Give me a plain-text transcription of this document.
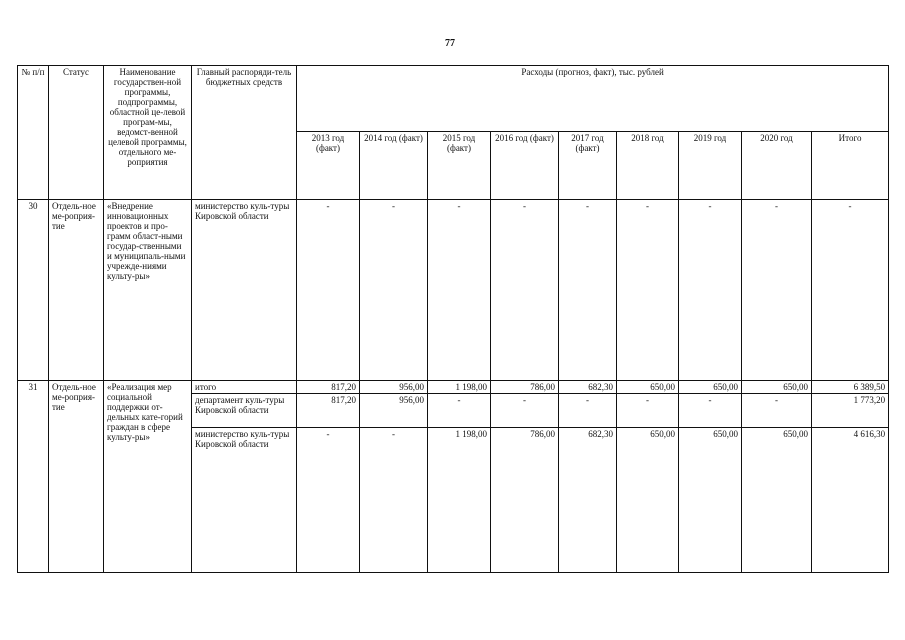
77
№ п/п	Статус	Наименование государствен-ной программы, подпрограммы, областной це-левой програм-мы, ведомст-венной целевой программы, отдельного ме-роприятия	Главный распоряди-тель бюджетных средств	Расходы (прогноз, факт), тыс. рублей								
				2013 год (факт)	2014 год (факт)	2015 год (факт)	2016 год (факт)	2017 год (факт)	2018 год	2019 год	2020 год	Итого
30	Отдель-ное ме-роприя-тие	«Внедрение инновационных проектов и про-грамм област-ными государ-ственными и муниципаль-ными учрежде-ниями культу-ры»	министерство куль-туры Кировской области	-	-	-	-	-	-	-	-	-
31	Отдель-ное ме-роприя-тие	«Реализация мер социальной поддержки от-дельных кате-горий граждан в сфере культу-ры»	итого	817,20	956,00	1 198,00	786,00	682,30	650,00	650,00	650,00	6 389,50
			департамент куль-туры Кировской области	817,20	956,00	-	-	-	-	-	-	1 773,20
			министерство куль-туры Кировской области	-	-	1 198,00	786,00	682,30	650,00	650,00	650,00	4 616,30
